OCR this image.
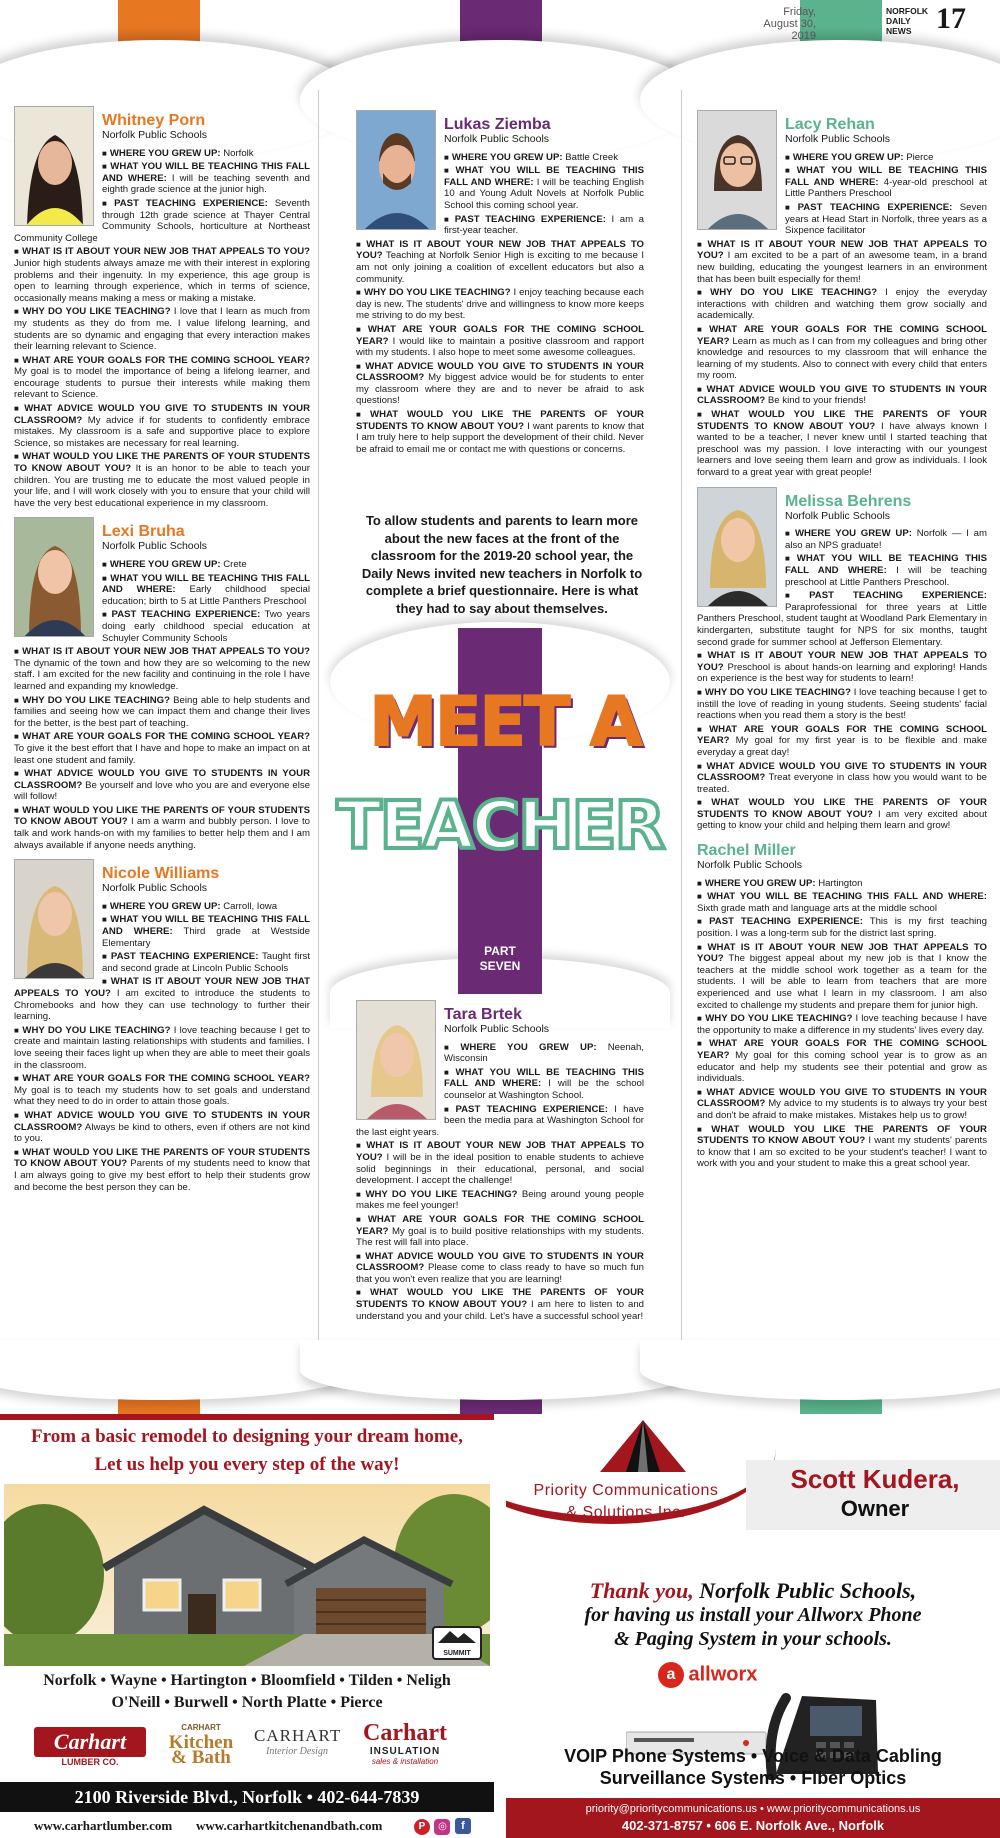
Friday,
August 30,
2019
NORFOLK
DAILY
NEWS 17
Whitney Porn
Norfolk Public Schools

■ WHERE YOU GREW UP: Norfolk

■ WHAT YOU WILL BE TEACHING THIS FALL AND WHERE: I will be teaching seventh and eighth grade science at the junior high.

■ PAST TEACHING EXPERIENCE: Seventh through 12th grade science at Thayer Central Community Schools, horticulture at Northeast Community College

■ WHAT IS IT ABOUT YOUR NEW JOB THAT APPEALS TO YOU? Junior high students always amaze me with their interest in exploring problems and their ingenuity. In my experience, this age group is open to learning through experience, which in terms of science, occasionally means making a mess or making a mistake.

■ WHY DO YOU LIKE TEACHING? I love that I learn as much from my students as they do from me. I value lifelong learning, and students are so dynamic and engaging that every interaction makes their learning relevant to Science.

■ WHAT ARE YOUR GOALS FOR THE COMING SCHOOL YEAR? My goal is to model the importance of being a lifelong learner, and encourage students to pursue their interests while making them relevant to Science.

■ WHAT ADVICE WOULD YOU GIVE TO STUDENTS IN YOUR CLASSROOM? My advice if for students to confidently embrace mistakes. My classroom is a safe and supportive place to explore Science, so mistakes are necessary for real learning.

■ WHAT WOULD YOU LIKE THE PARENTS OF YOUR STUDENTS TO KNOW ABOUT YOU? It is an honor to be able to teach your children. You are trusting me to educate the most valued people in your life, and I will work closely with you to ensure that your child will have the very best educational experience in my classroom.

Lexi Bruha
Norfolk Public Schools

■ WHERE YOU GREW UP: Crete

■ WHAT YOU WILL BE TEACHING THIS FALL AND WHERE: Early childhood special education; birth to 5 at Little Panthers Preschool

■ PAST TEACHING EXPERIENCE: Two years doing early childhood special education at Schuyler Community Schools

■ WHAT IS IT ABOUT YOUR NEW JOB THAT APPEALS TO YOU? The dynamic of the town and how they are so welcoming to the new staff. I am excited for the new facility and continuing in the role I have learned and expanding my knowledge.

■ WHY DO YOU LIKE TEACHING? Being able to help students and families and seeing how we can impact them and change their lives for the better, is the best part of teaching.

■ WHAT ARE YOUR GOALS FOR THE COMING SCHOOL YEAR? To give it the best effort that I have and hope to make an impact on at least one student and family.

■ WHAT ADVICE WOULD YOU GIVE TO STUDENTS IN YOUR CLASSROOM? Be yourself and love who you are and everyone else will follow!

■ WHAT WOULD YOU LIKE THE PARENTS OF YOUR STUDENTS TO KNOW ABOUT YOU? I am a warm and bubbly person. I love to talk and work hands-on with my families to better help them and I am always available if anyone needs anything.

Nicole Williams
Norfolk Public Schools

■ WHERE YOU GREW UP: Carroll, Iowa

■ WHAT YOU WILL BE TEACHING THIS FALL AND WHERE: Third grade at Westside Elementary

■ PAST TEACHING EXPERIENCE: Taught first and second grade at Lincoln Public Schools

■ WHAT IS IT ABOUT YOUR NEW JOB THAT APPEALS TO YOU? I am excited to introduce the students to Chromebooks and how they can use technology to further their learning.

■ WHY DO YOU LIKE TEACHING? I love teaching because I get to create and maintain lasting relationships with students and families. I love seeing their faces light up when they are able to meet their goals in the classroom.

■ WHAT ARE YOUR GOALS FOR THE COMING SCHOOL YEAR? My goal is to teach my students how to set goals and understand what they need to do in order to attain those goals.

■ WHAT ADVICE WOULD YOU GIVE TO STUDENTS IN YOUR CLASSROOM? Always be kind to others, even if others are not kind to you.

■ WHAT WOULD YOU LIKE THE PARENTS OF YOUR STUDENTS TO KNOW ABOUT YOU? Parents of my students need to know that I am always going to give my best effort to help their students grow and become the best person they can be.

Lukas Ziemba
Norfolk Public Schools

■ WHERE YOU GREW UP: Battle Creek

■ WHAT YOU WILL BE TEACHING THIS FALL AND WHERE: I will be teaching English 10 and Young Adult Novels at Norfolk Public School this coming school year.

■ PAST TEACHING EXPERIENCE: I am a first-year teacher.

■ WHAT IS IT ABOUT YOUR NEW JOB THAT APPEALS TO YOU? Teaching at Norfolk Senior High is exciting to me because I am not only joining a coalition of excellent educators but also a community.

■ WHY DO YOU LIKE TEACHING? I enjoy teaching because each day is new. The students' drive and willingness to know more keeps me striving to do my best.

■ WHAT ARE YOUR GOALS FOR THE COMING SCHOOL YEAR? I would like to maintain a positive classroom and rapport with my students. I also hope to meet some awesome colleagues.

■ WHAT ADVICE WOULD YOU GIVE TO STUDENTS IN YOUR CLASSROOM? My biggest advice would be for students to enter my classroom where they are and to never be afraid to ask questions!

■ WHAT WOULD YOU LIKE THE PARENTS OF YOUR STUDENTS TO KNOW ABOUT YOU? I want parents to know that I am truly here to help support the development of their child. Never be afraid to email me or contact me with questions or concerns.

To allow students and parents to learn more about the new faces at the front of the classroom for the 2019-20 school year, the Daily News invited new teachers in Norfolk to complete a brief questionnaire. Here is what they had to say about themselves.
MEET A
TEACHER
PART
SEVEN
Tara Brtek
Norfolk Public Schools

■ WHERE YOU GREW UP: Neenah, Wisconsin

■ WHAT YOU WILL BE TEACHING THIS FALL AND WHERE: I will be the school counselor at Washington School.

■ PAST TEACHING EXPERIENCE: I have been the media para at Washington School for the last eight years.

■ WHAT IS IT ABOUT YOUR NEW JOB THAT APPEALS TO YOU? I will be in the ideal position to enable students to achieve solid beginnings in their educational, personal, and social development. I accept the challenge!

■ WHY DO YOU LIKE TEACHING? Being around young people makes me feel younger!

■ WHAT ARE YOUR GOALS FOR THE COMING SCHOOL YEAR? My goal is to build positive relationships with my students. The rest will fall into place.

■ WHAT ADVICE WOULD YOU GIVE TO STUDENTS IN YOUR CLASSROOM? Please come to class ready to have so much fun that you won't even realize that you are learning!

■ WHAT WOULD YOU LIKE THE PARENTS OF YOUR STUDENTS TO KNOW ABOUT YOU? I am here to listen to and understand you and your child. Let's have a successful school year!

Lacy Rehan
Norfolk Public Schools

■ WHERE YOU GREW UP: Pierce

■ WHAT YOU WILL BE TEACHING THIS FALL AND WHERE: 4-year-old preschool at Little Panthers Preschool

■ PAST TEACHING EXPERIENCE: Seven years at Head Start in Norfolk, three years as a Sixpence facilitator

■ WHAT IS IT ABOUT YOUR NEW JOB THAT APPEALS TO YOU? I am excited to be a part of an awesome team, in a brand new building, educating the youngest learners in an environment that has been built especially for them!

■ WHY DO YOU LIKE TEACHING? I enjoy the everyday interactions with children and watching them grow socially and academically.

■ WHAT ARE YOUR GOALS FOR THE COMING SCHOOL YEAR? Learn as much as I can from my colleagues and bring other knowledge and resources to my classroom that will enhance the learning of my students. Also to connect with every child that enters my room.

■ WHAT ADVICE WOULD YOU GIVE TO STUDENTS IN YOUR CLASSROOM? Be kind to your friends!

■ WHAT WOULD YOU LIKE THE PARENTS OF YOUR STUDENTS TO KNOW ABOUT YOU? I have always known I wanted to be a teacher, I never knew until I started teaching that preschool was my passion. I love interacting with our youngest learners and love seeing them learn and grow as individuals. I look forward to a great year with great people!

Melissa Behrens
Norfolk Public Schools

■ WHERE YOU GREW UP: Norfolk — I am also an NPS graduate!

■ WHAT YOU WILL BE TEACHING THIS FALL AND WHERE: I will be teaching preschool at Little Panthers Preschool.

■ PAST TEACHING EXPERIENCE: Paraprofessional for three years at Little Panthers Preschool, student taught at Woodland Park Elementary in kindergarten, substitute taught for NPS for six months, taught second grade for summer school at Jefferson Elementary.

■ WHAT IS IT ABOUT YOUR NEW JOB THAT APPEALS TO YOU? Preschool is about hands-on learning and exploring! Hands on experience is the best way for students to learn!

■ WHY DO YOU LIKE TEACHING? I love teaching because I get to instill the love of reading in young students. Seeing students' facial reactions when you read them a story is the best!

■ WHAT ARE YOUR GOALS FOR THE COMING SCHOOL YEAR? My goal for my first year is to be flexible and make everyday a great day!

■ WHAT ADVICE WOULD YOU GIVE TO STUDENTS IN YOUR CLASSROOM? Treat everyone in class how you would want to be treated.

■ WHAT WOULD YOU LIKE THE PARENTS OF YOUR STUDENTS TO KNOW ABOUT YOU? I am very excited about getting to know your child and helping them learn and grow!

Rachel Miller
Norfolk Public Schools

■ WHERE YOU GREW UP: Hartington

■ WHAT YOU WILL BE TEACHING THIS FALL AND WHERE: Sixth grade math and language arts at the middle school

■ PAST TEACHING EXPERIENCE: This is my first teaching position. I was a long-term sub for the district last spring.

■ WHAT IS IT ABOUT YOUR NEW JOB THAT APPEALS TO YOU? The biggest appeal about my new job is that I know the teachers at the middle school work together as a team for the students. I will be able to learn from teachers that are more experienced and use what I learn in my classroom. I am also excited to challenge my students and prepare them for junior high.

■ WHY DO YOU LIKE TEACHING? I love teaching because I have the opportunity to make a difference in my students' lives every day.

■ WHAT ARE YOUR GOALS FOR THE COMING SCHOOL YEAR? My goal for this coming school year is to grow as an educator and help my students see their potential and grow as individuals.

■ WHAT ADVICE WOULD YOU GIVE TO STUDENTS IN YOUR CLASSROOM? My advice to my students is to always try your best and don't be afraid to make mistakes. Mistakes help us to grow!

■ WHAT WOULD YOU LIKE THE PARENTS OF YOUR STUDENTS TO KNOW ABOUT YOU? I want my students' parents to know that I am so excited to be your student's teacher! I want to work with you and your student to make this a great school year.

From a basic remodel to designing your dream home,
Let us help you every step of the way!
SUMMIT
Norfolk • Wayne • Hartington • Bloomfield • Tilden • Neligh
O'Neill • Burwell • North Platte • Pierce
Carhart
LUMBER CO.
CARHART
Kitchen
& Bath
CARHART
Interior Design
Carhart
INSULATION
sales & installation
2100 Riverside Blvd., Norfolk • 402-644-7839
www.carhartlumber.com www.carhartkitchenandbath.com	P ◎ f
Priority Communications
& Solutions Inc.
Scott Kudera,
Owner
Thank you, Norfolk Public Schools,
for having us install your Allworx Phone
& Paging System in your schools.
a allworx
VOIP Phone Systems • Voice & Data Cabling
Surveillance Systems • Fiber Optics
priority@prioritycommunications.us • www.prioritycommunications.us
402-371-8757 • 606 E. Norfolk Ave., Norfolk
